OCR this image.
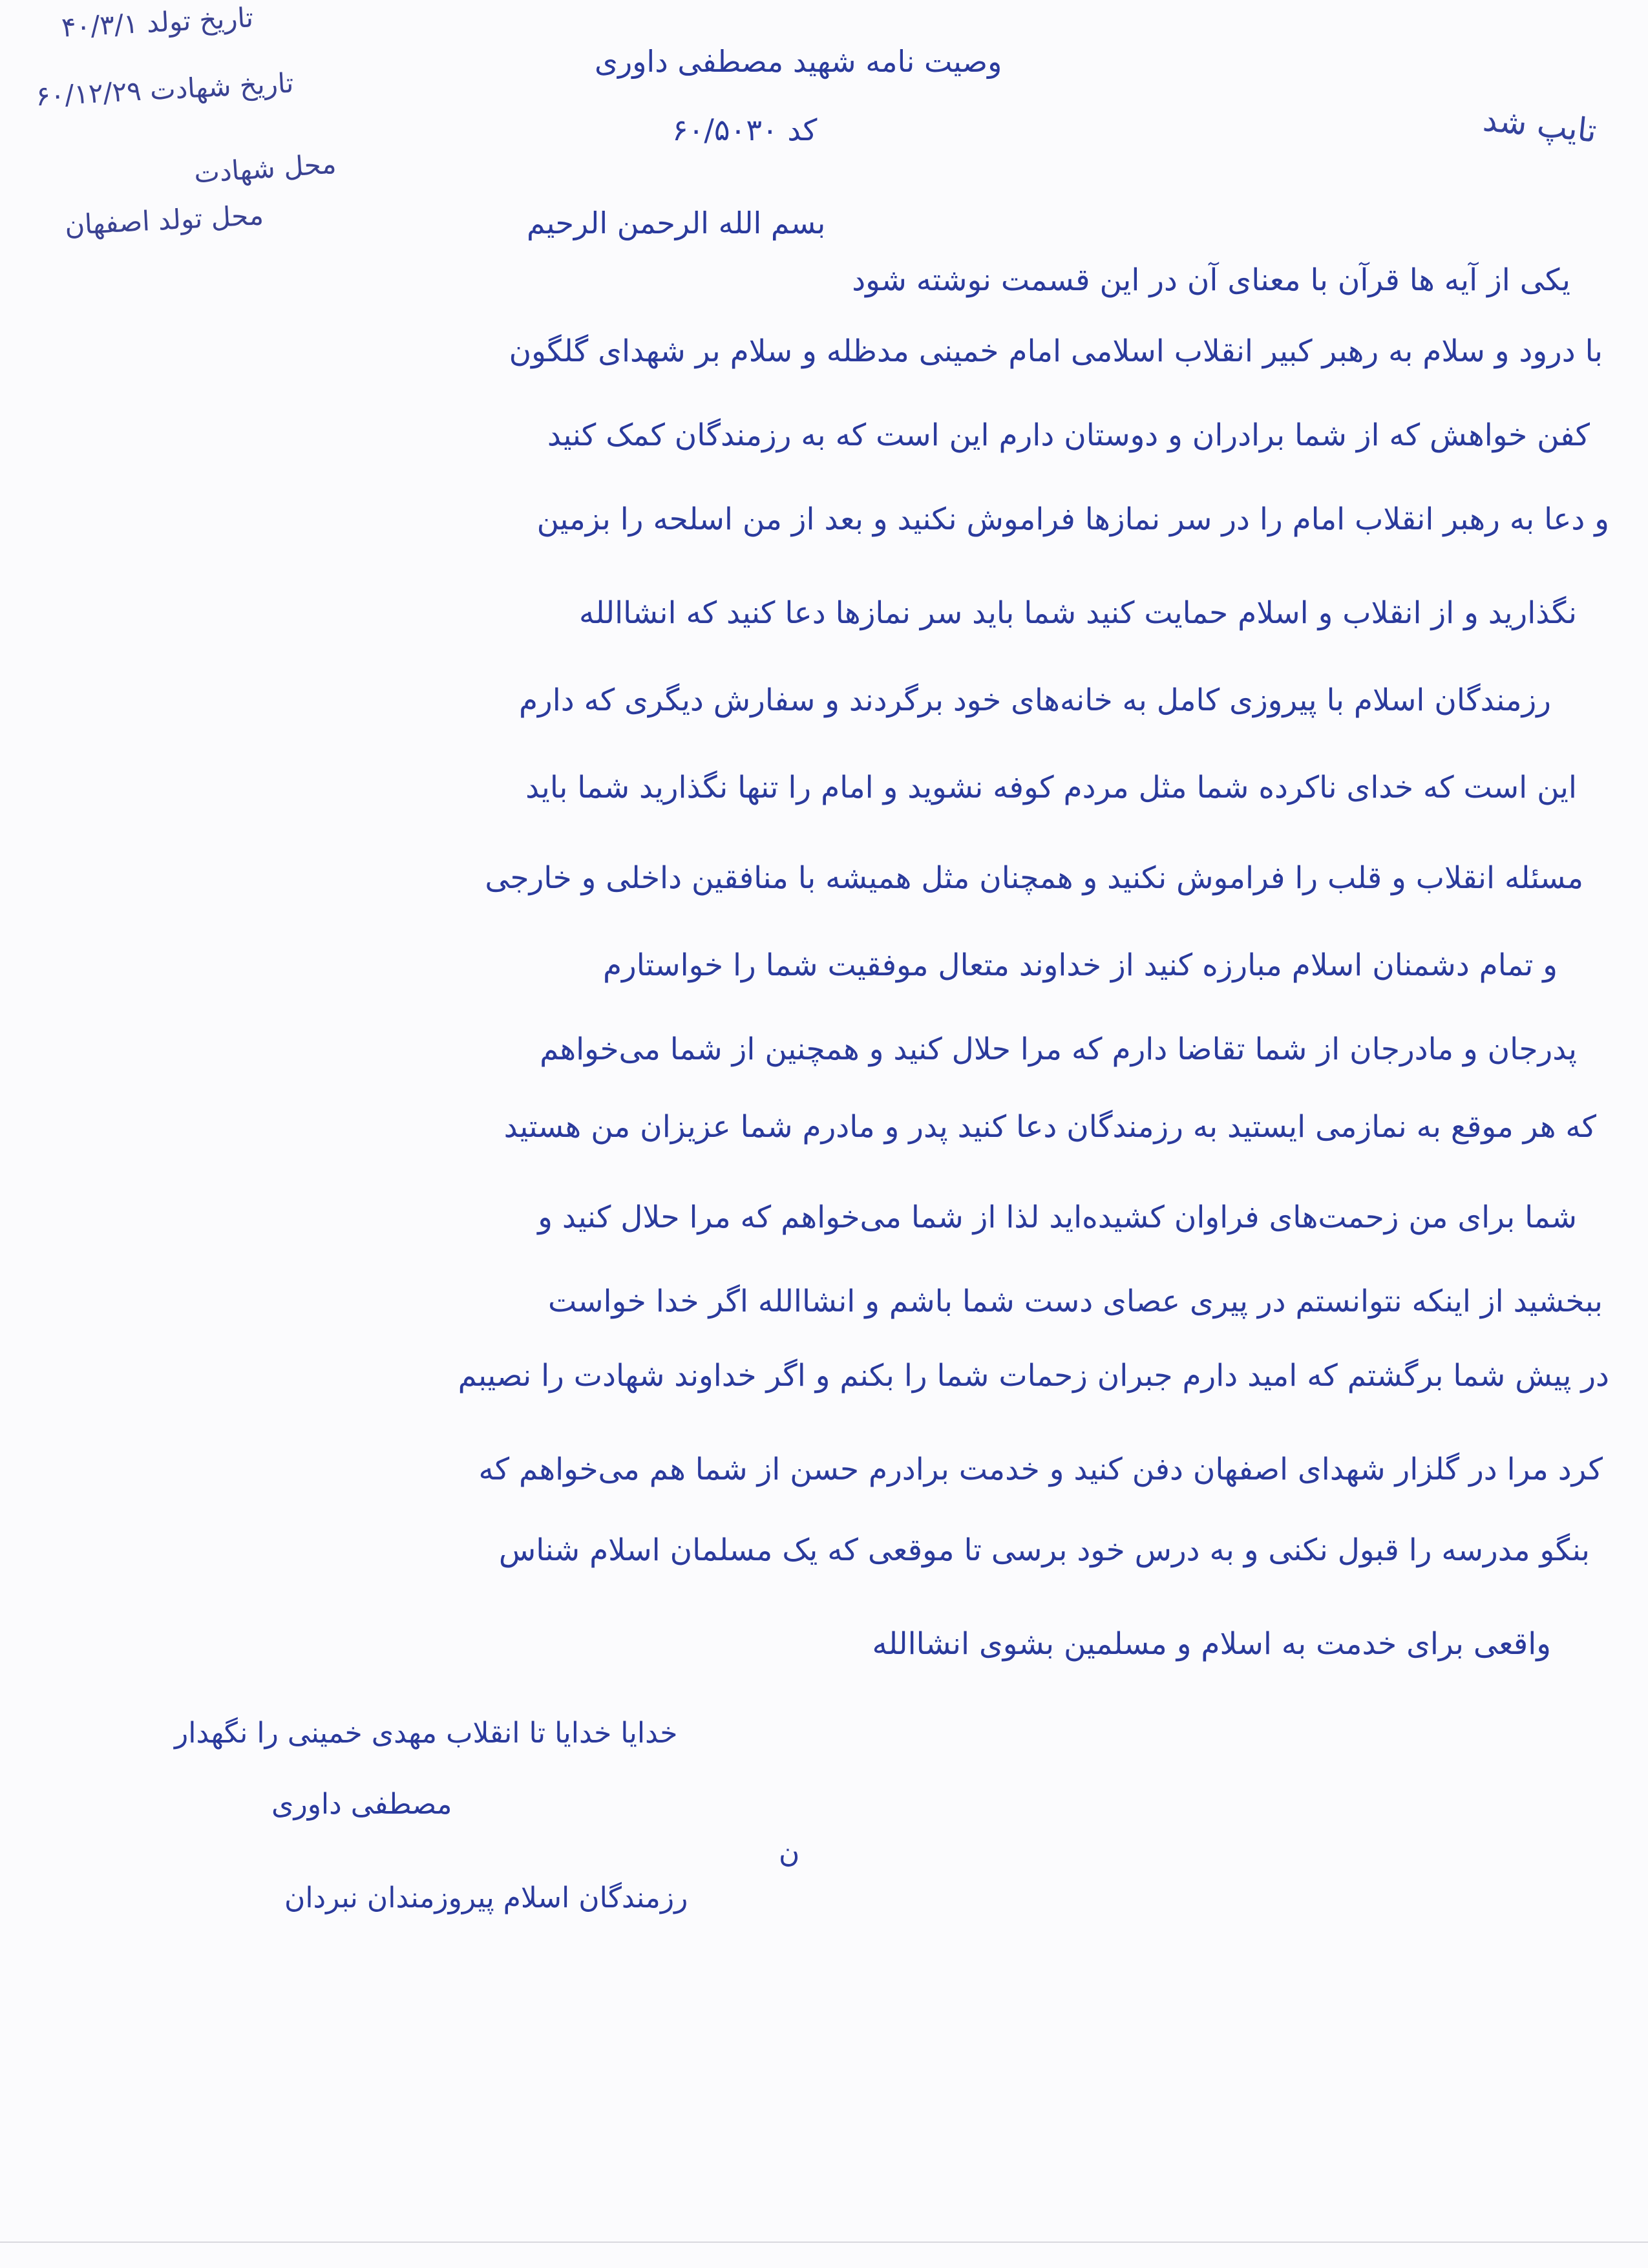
تاریخ تولد ۴۰/۳/۱
تاریخ شهادت ۶۰/۱۲/۲۹
محل شهادت
محل تولد اصفهان
وصیت نامه شهید مصطفی داوری
کد ۶۰/۵۰۳۰	تایپ شد
بسم الله الرحمن الرحیم
یکی از آیه ها قرآن با معنای آن در این قسمت نوشته شود
با درود و سلام به رهبر کبیر انقلاب اسلامی امام خمینی مدظله و سلام بر شهدای گلگون
کفن خواهش که از شما برادران و دوستان دارم این است که به رزمندگان کمک کنید
و دعا به رهبر انقلاب امام را در سر نمازها فراموش نکنید و بعد از من اسلحه را بزمین
نگذارید و از انقلاب و اسلام حمایت کنید شما باید سر نمازها دعا کنید که انشاالله
رزمندگان اسلام با پیروزی کامل به خانه‌های خود برگردند و سفارش دیگری که دارم
این است که خدای ناکرده شما مثل مردم کوفه نشوید و امام را تنها نگذارید شما باید
مسئله انقلاب و قلب را فراموش نکنید و همچنان مثل همیشه با منافقین داخلی و خارجی
و تمام دشمنان اسلام مبارزه کنید از خداوند متعال موفقیت شما را خواستارم
پدرجان و مادرجان از شما تقاضا دارم که مرا حلال کنید و همچنین از شما می‌خواهم
که هر موقع به نمازمی ایستید به رزمندگان دعا کنید پدر و مادرم شما عزیزان من هستید
شما برای من زحمت‌های فراوان کشیده‌اید لذا از شما می‌خواهم که مرا حلال کنید و
ببخشید از اینکه نتوانستم در پیری عصای دست شما باشم و انشاالله اگر خدا خواست
در پیش شما برگشتم که امید دارم جبران زحمات شما را بکنم و اگر خداوند شهادت را نصیبم
کرد مرا در گلزار شهدای اصفهان دفن کنید و خدمت برادرم حسن از شما هم می‌خواهم که
بنگو مدرسه را قبول نکنی و به درس خود برسی تا موقعی که یک مسلمان اسلام شناس
واقعی برای خدمت به اسلام و مسلمین بشوی انشاالله
خدایا خدایا تا انقلاب مهدی خمینی را نگهدار
مصطفی داوری
ن
رزمندگان اسلام پیروزمندان نبردان
